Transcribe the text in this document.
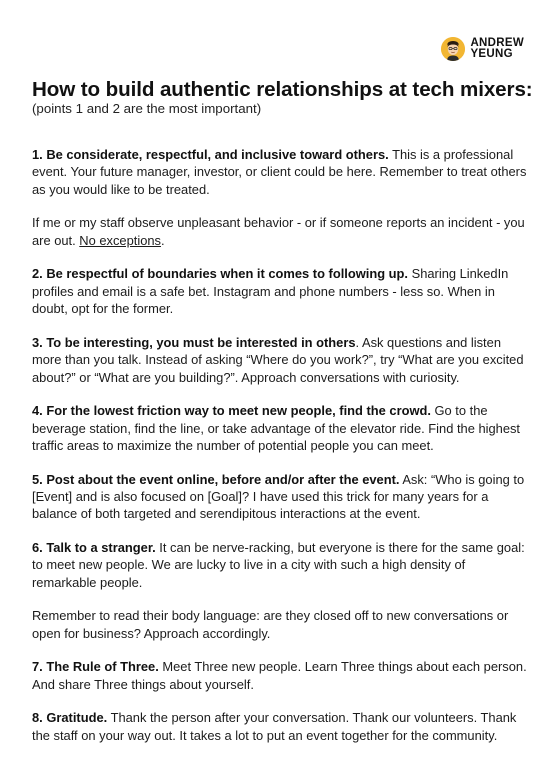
ANDREW
YEUNG
How to build authentic relationships at tech mixers:

(points 1 and 2 are the most important)

1. Be considerate, respectful, and inclusive toward others. This is a professional event. Your future manager, investor, or client could be here. Remember to treat others as you would like to be treated.

If me or my staff observe unpleasant behavior - or if someone reports an incident - you are out. No exceptions.

2. Be respectful of boundaries when it comes to following up. Sharing LinkedIn profiles and email is a safe bet. Instagram and phone numbers - less so. When in doubt, opt for the former.

3. To be interesting, you must be interested in others. Ask questions and listen more than you talk. Instead of asking “Where do you work?”, try “What are you excited about?” or “What are you building?”. Approach conversations with curiosity.

4. For the lowest friction way to meet new people, find the crowd. Go to the beverage station, find the line, or take advantage of the elevator ride. Find the highest traffic areas to maximize the number of potential people you can meet.

5. Post about the event online, before and/or after the event. Ask: “Who is going to [Event] and is also focused on [Goal]? I have used this trick for many years for a balance of both targeted and serendipitous interactions at the event.

6. Talk to a stranger. It can be nerve-racking, but everyone is there for the same goal: to meet new people. We are lucky to live in a city with such a high density of remarkable people.

Remember to read their body language: are they closed off to new conversations or open for business? Approach accordingly.

7. The Rule of Three. Meet Three new people. Learn Three things about each person. And share Three things about yourself.

8. Gratitude. Thank the person after your conversation. Thank our volunteers. Thank the staff on your way out. It takes a lot to put an event together for the community.
